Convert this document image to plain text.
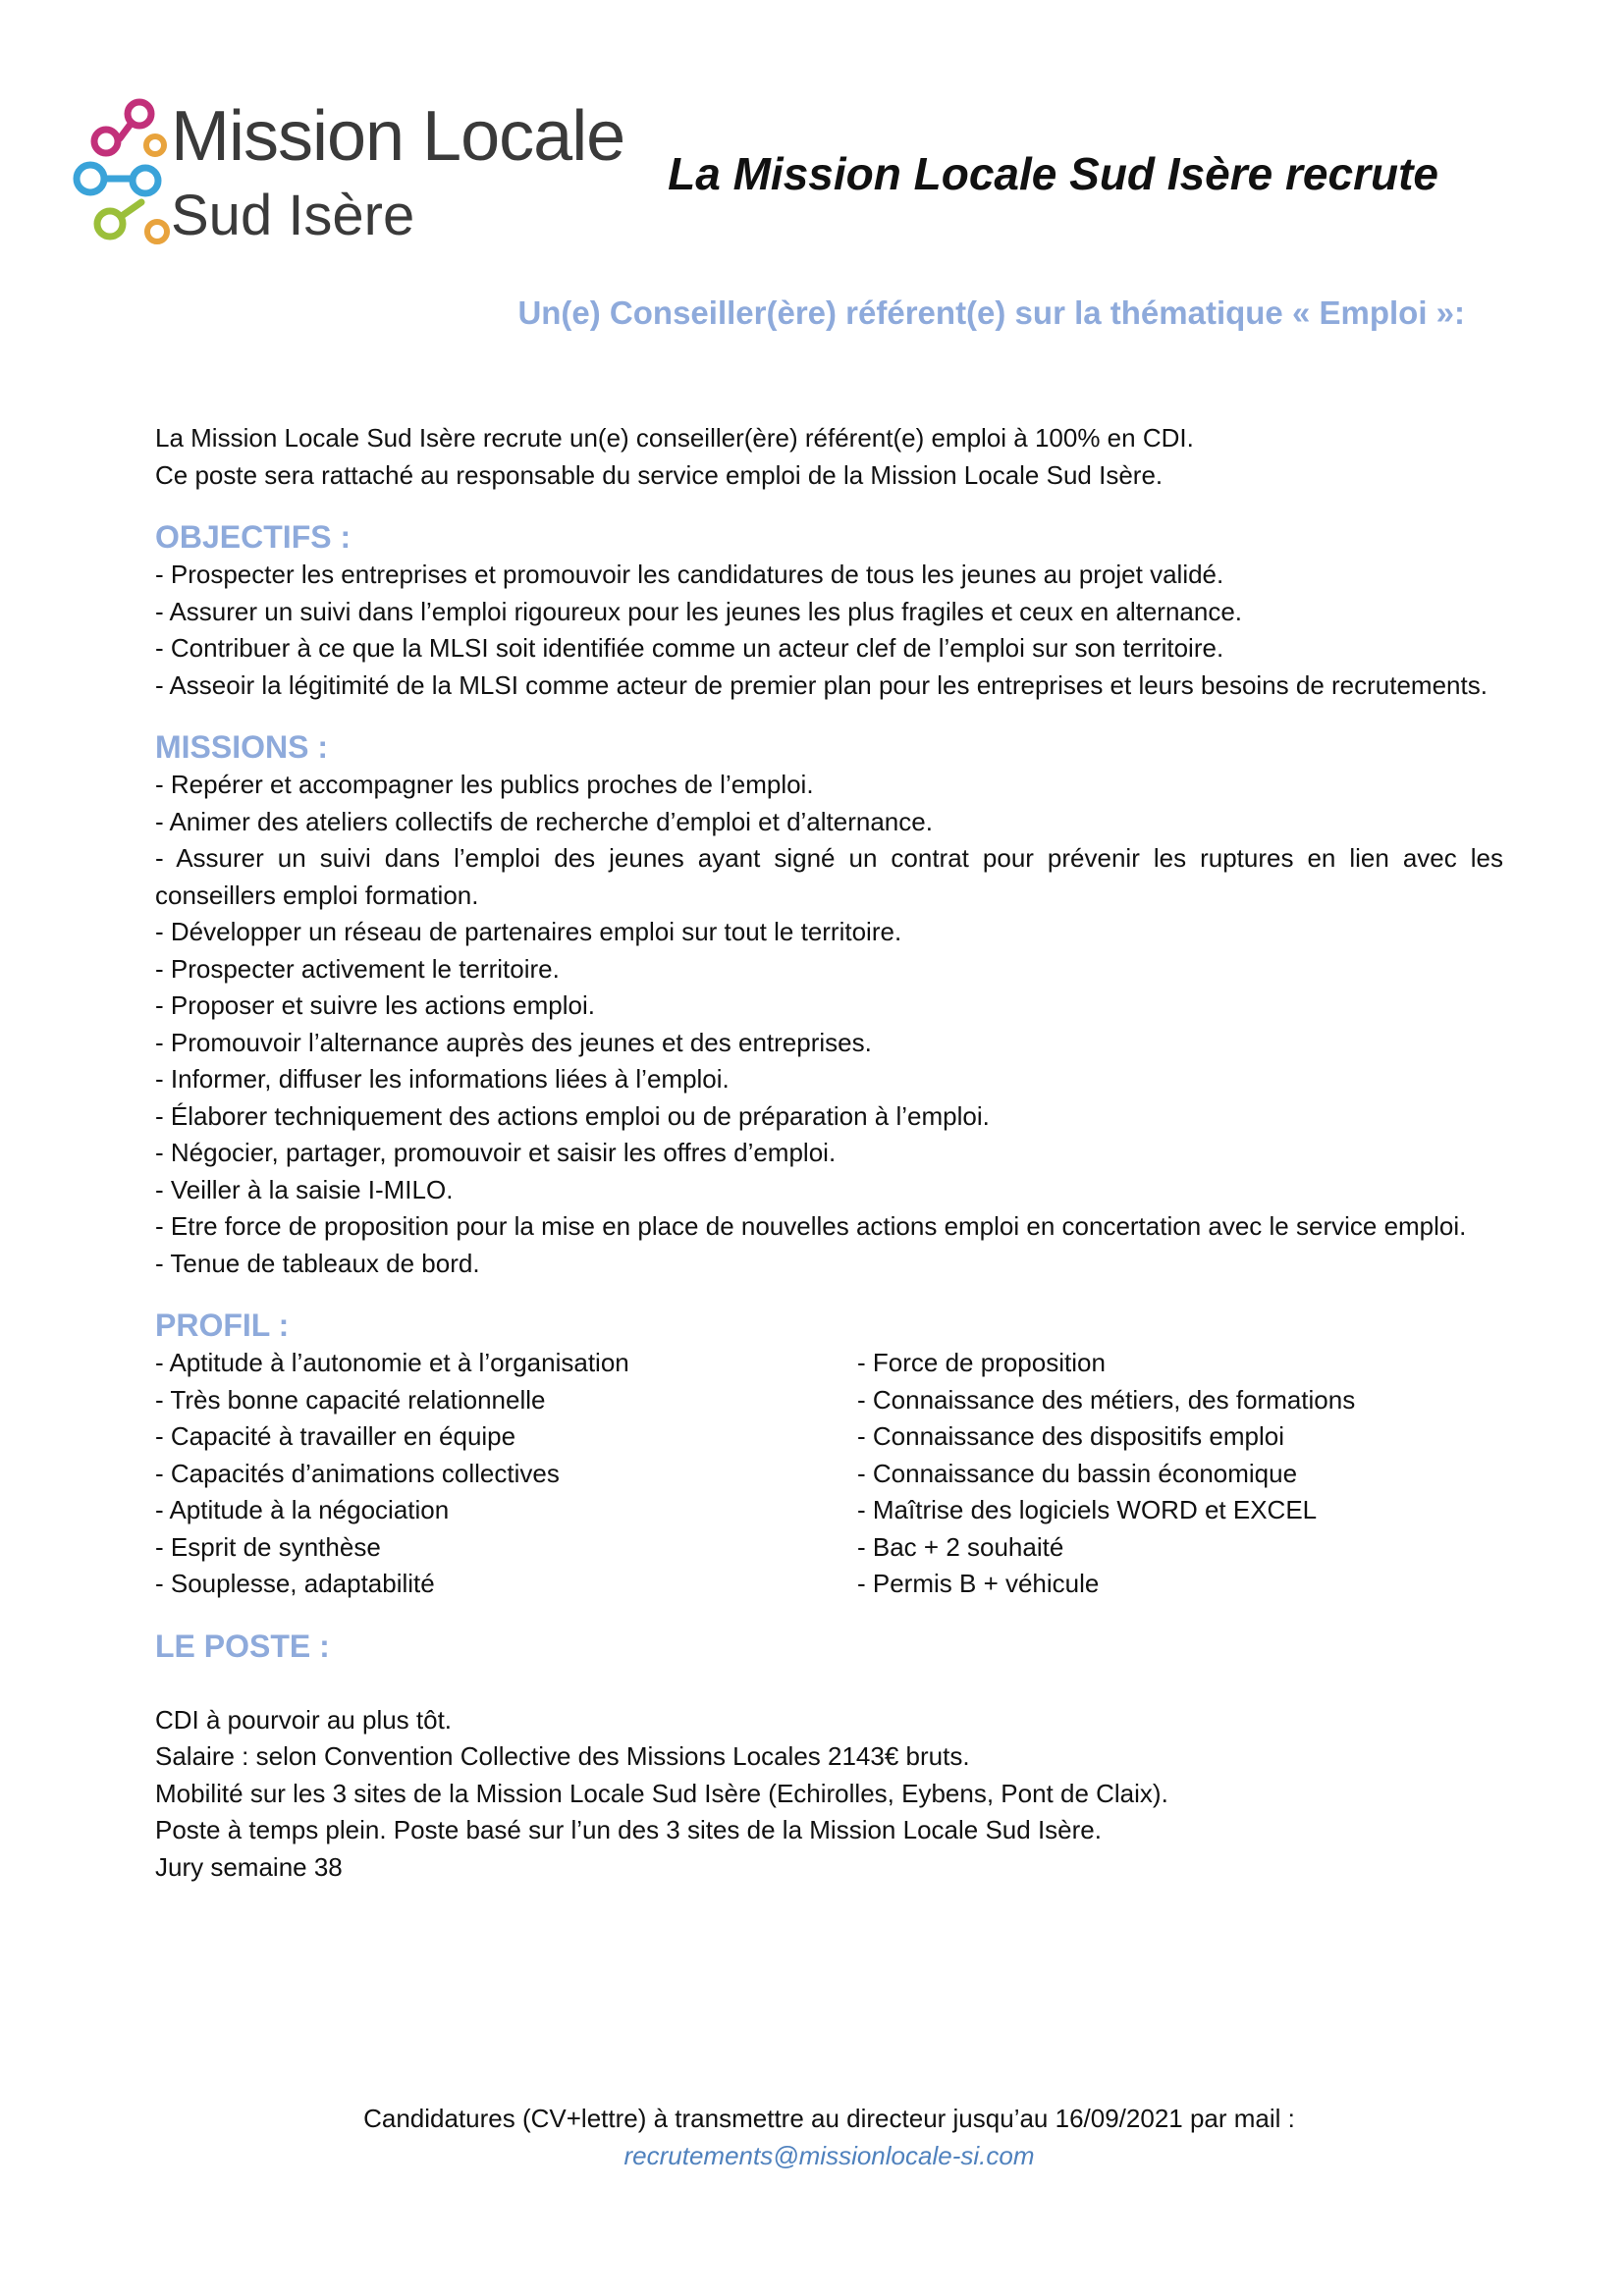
Mission Locale
Sud Isère
La Mission Locale Sud Isère recrute
Un(e) Conseiller(ère) référent(e) sur la thématique « Emploi »:

La Mission Locale Sud Isère recrute un(e) conseiller(ère) référent(e) emploi à 100% en CDI.

Ce poste sera rattaché au responsable du service emploi de la Mission Locale Sud Isère.

OBJECTIFS :
- Prospecter les entreprises et promouvoir les candidatures de tous les jeunes au projet validé.
- Assurer un suivi dans l’emploi rigoureux pour les jeunes les plus fragiles et ceux en alternance.
- Contribuer à ce que la MLSI soit identifiée comme un acteur clef de l’emploi sur son territoire.
- Asseoir la légitimité de la MLSI comme acteur de premier plan pour les entreprises et leurs besoins de recrutements.
MISSIONS :
- Repérer et accompagner les publics proches de l’emploi.
- Animer des ateliers collectifs de recherche d’emploi et d’alternance.
- Assurer un suivi dans l’emploi des jeunes ayant signé un contrat pour prévenir les ruptures en lien avec les conseillers emploi formation.
- Développer un réseau de partenaires emploi sur tout le territoire.
- Prospecter activement le territoire.
- Proposer et suivre les actions emploi.
- Promouvoir l’alternance auprès des jeunes et des entreprises.
- Informer, diffuser les informations liées à l’emploi.
- Élaborer techniquement des actions emploi ou de préparation à l’emploi.
- Négocier, partager, promouvoir et saisir les offres d’emploi.
- Veiller à la saisie I-MILO.
- Etre force de proposition pour la mise en place de nouvelles actions emploi en concertation avec le service emploi.
- Tenue de tableaux de bord.
PROFIL :
- Aptitude à l’autonomie et à l’organisation
- Très bonne capacité relationnelle
- Capacité à travailler en équipe
- Capacités d’animations collectives
- Aptitude à la négociation
- Esprit de synthèse
- Souplesse, adaptabilité
- Force de proposition
- Connaissance des métiers, des formations
- Connaissance des dispositifs emploi
- Connaissance du bassin économique
- Maîtrise des logiciels WORD et EXCEL
- Bac + 2 souhaité
- Permis B + véhicule
LE POSTE :

CDI à pourvoir au plus tôt.

Salaire : selon Convention Collective des Missions Locales 2143€ bruts.

Mobilité sur les 3 sites de la Mission Locale Sud Isère (Echirolles, Eybens, Pont de Claix).

Poste à temps plein. Poste basé sur l’un des 3 sites de la Mission Locale Sud Isère.

Jury semaine 38

Candidatures (CV+lettre) à transmettre au directeur jusqu’au 16/09/2021 par mail :

recrutements@missionlocale-si.com
